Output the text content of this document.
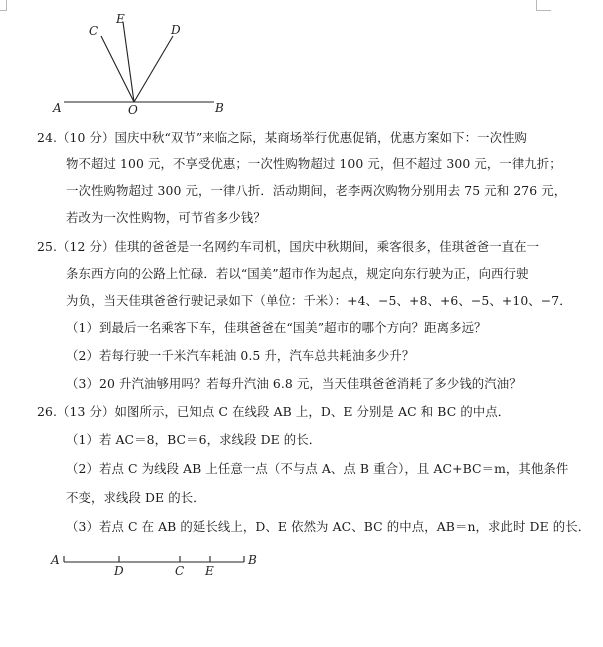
C
E
D
A	O	B
24.（10 分）国庆中秋“双节”来临之际，某商场举行优惠促销，优惠方案如下：一次性购
物不超过 100 元，不享受优惠；一次性购物超过 100 元，但不超过 300 元，一律九折；
一次性购物超过 300 元，一律八折．活动期间，老李两次购物分别用去 75 元和 276 元，
若改为一次性购物，可节省多少钱？
25.（12 分）佳琪的爸爸是一名网约车司机，国庆中秋期间，乘客很多，佳琪爸爸一直在一
条东西方向的公路上忙碌．若以“国美”超市作为起点，规定向东行驶为正，向西行驶
为负，当天佳琪爸爸行驶记录如下（单位：千米）：+4、−5、+8、+6、−5、+10、−7．
（1）到最后一名乘客下车，佳琪爸爸在“国美”超市的哪个方向？距离多远？
（2）若每行驶一千米汽车耗油 0.5 升，汽车总共耗油多少升？
（3）20 升汽油够用吗？若每升汽油 6.8 元，当天佳琪爸爸消耗了多少钱的汽油？
26.（13 分）如图所示，已知点 C 在线段 AB 上，D、E 分别是 AC 和 BC 的中点．
（1）若 AC＝8，BC＝6，求线段 DE 的长．
（2）若点 C 为线段 AB 上任意一点（不与点 A、点 B 重合），且 AC+BC＝m，其他条件
不变，求线段 DE 的长．
（3）若点 C 在 AB 的延长线上，D、E 依然为 AC、BC 的中点，AB＝n，求此时 DE 的长．
A
D	C E
B
